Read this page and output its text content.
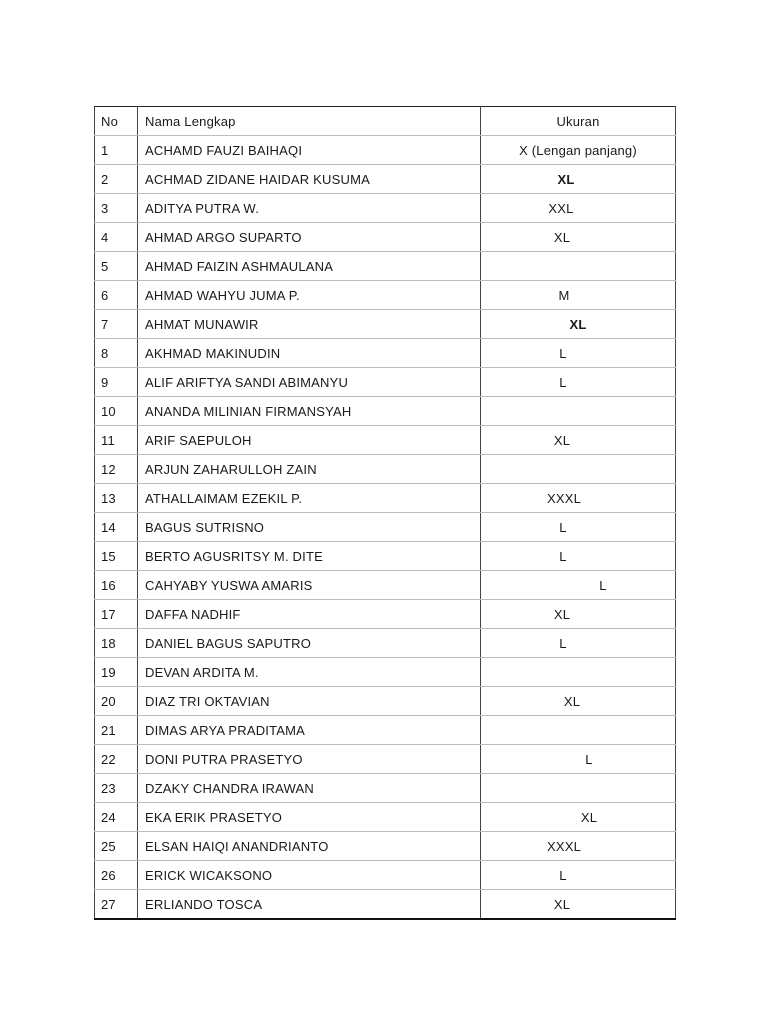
No	Nama Lengkap	Ukuran
1	ACHAMD FAUZI BAIHAQI	X (Lengan panjang)
2	ACHMAD ZIDANE HAIDAR KUSUMA	XL
3	ADITYA PUTRA W.	XXL
4	AHMAD ARGO SUPARTO	XL
5	AHMAD FAIZIN ASHMAULANA	
6	AHMAD WAHYU JUMA P.	M
7	AHMAT MUNAWIR	XL
8	AKHMAD MAKINUDIN	L
9	ALIF ARIFTYA SANDI ABIMANYU	L
10	ANANDA MILINIAN FIRMANSYAH	
11	ARIF SAEPULOH	XL
12	ARJUN ZAHARULLOH ZAIN	
13	ATHALLAIMAM EZEKIL P.	XXXL
14	BAGUS SUTRISNO	L
15	BERTO AGUSRITSY M. DITE	L
16	CAHYABY YUSWA AMARIS	L
17	DAFFA NADHIF	XL
18	DANIEL BAGUS SAPUTRO	L
19	DEVAN ARDITA M.	
20	DIAZ TRI OKTAVIAN	XL
21	DIMAS ARYA PRADITAMA	
22	DONI PUTRA PRASETYO	L
23	DZAKY CHANDRA IRAWAN	
24	EKA ERIK PRASETYO	XL
25	ELSAN HAIQI ANANDRIANTO	XXXL
26	ERICK WICAKSONO	L
27	ERLIANDO TOSCA	XL
